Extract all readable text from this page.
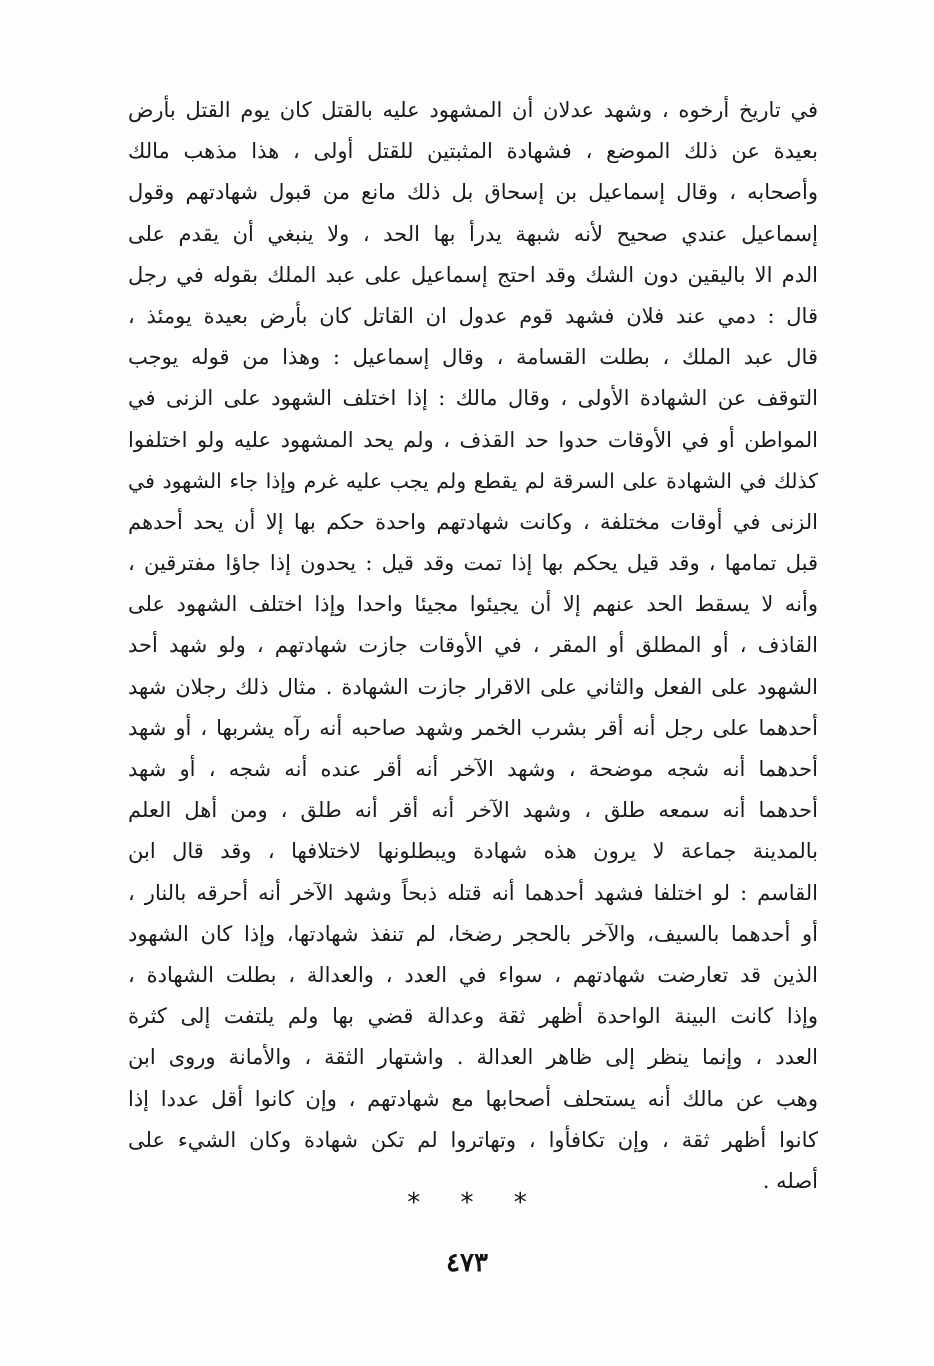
في تاريخ أرخوه ، وشهد عدلان أن المشهود عليه بالقتل كان يوم القتل بأرض
بعيدة عن ذلك الموضع ، فشهادة المثبتين للقتل أولى ، هذا مذهب مالك
وأصحابه ، وقال إسماعيل بن إسحاق بل ذلك مانع من قبول شهادتهم وقول
إسماعيل عندي صحيح لأنه شبهة يدرأ بها الحد ، ولا ينبغي أن يقدم على
الدم الا باليقين دون الشك وقد احتج إسماعيل على عبد الملك بقوله في رجل
قال : دمي عند فلان فشهد قوم عدول ان القاتل كان بأرض بعيدة يومئذ ،
قال عبد الملك ، بطلت القسامة ، وقال إسماعيل : وهذا من قوله يوجب
التوقف عن الشهادة الأولى ، وقال مالك : إذا اختلف الشهود على الزنى في
المواطن أو في الأوقات حدوا حد القذف ، ولم يحد المشهود عليه ولو اختلفوا
كذلك في الشهادة على السرقة لم يقطع ولم يجب عليه غرم وإذا جاء الشهود في
الزنى في أوقات مختلفة ، وكانت شهادتهم واحدة حكم بها إلا أن يحد أحدهم
قبل تمامها ، وقد قيل يحكم بها إذا تمت وقد قيل : يحدون إذا جاؤا مفترقين ،
وأنه لا يسقط الحد عنهم إلا أن يجيئوا مجيئا واحدا وإذا اختلف الشهود على
القاذف ، أو المطلق أو المقر ، في الأوقات جازت شهادتهم ، ولو شهد أحد
الشهود على الفعل والثاني على الاقرار جازت الشهادة . مثال ذلك رجلان شهد
أحدهما على رجل أنه أقر بشرب الخمر وشهد صاحبه أنه رآه يشربها ، أو شهد
أحدهما أنه شجه موضحة ، وشهد الآخر أنه أقر عنده أنه شجه ، أو شهد
أحدهما أنه سمعه طلق ، وشهد الآخر أنه أقر أنه طلق ، ومن أهل العلم
بالمدينة جماعة لا يرون هذه شهادة ويبطلونها لاختلافها ، وقد قال ابن
القاسم : لو اختلفا فشهد أحدهما أنه قتله ذبحاً وشهد الآخر أنه أحرقه بالنار ،
أو أحدهما بالسيف، والآخر بالحجر رضخا، لم تنفذ شهادتها، وإذا كان الشهود
الذين قد تعارضت شهادتهم ، سواء في العدد ، والعدالة ، بطلت الشهادة ،
وإذا كانت البينة الواحدة أظهر ثقة وعدالة قضي بها ولم يلتفت إلى كثرة
العدد ، وإنما ينظر إلى ظاهر العدالة . واشتهار الثقة ، والأمانة وروى ابن
وهب عن مالك أنه يستحلف أصحابها مع شهادتهم ، وإن كانوا أقل عددا إذا
كانوا أظهر ثقة ، وإن تكافأوا ، وتهاتروا لم تكن شهادة وكان الشيء على
أصله .
* * *
٤٧٣
